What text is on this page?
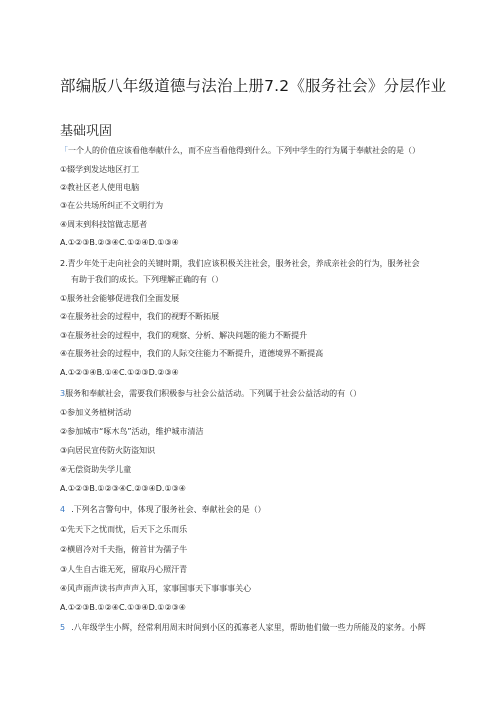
部编版八年级道德与法治上册7.2《服务社会》分层作业
基础巩固
「一个人的价值应该看他奉献什么，而不应当看他得到什么。下列中学生的行为属于奉献社会的是（）
①辍学到发达地区打工
②教社区老人使用电脑
③在公共场所纠正不文明行为
④周末到科技馆做志愿者
A.①②③B.②③④C.①②④D.①③④
2.青少年处于走向社会的关键时期，我们应该积极关注社会，服务社会，养成亲社会的行为，服务社会
有助于我们的成长。下列理解正确的有（）
①服务社会能够促进我们全面发展
②在服务社会的过程中，我们的视野不断拓展
③在服务社会的过程中，我们的观察、分析、解决问题的能力不断提升
④在服务社会的过程中，我们的人际交往能力不断提升，道德境界不断提高
A.①②③④B.①④C.①②③D.②③④
3服务和奉献社会，需要我们积极参与社会公益活动。下列属于社会公益活动的有（）
①参加义务植树活动
②参加城市“啄木鸟”活动，维护城市清洁
③向居民宣传防火防盗知识
④无偿资助失学儿童
A.①②③B.①②③④C.②③④D.①③④
4 .下列名言警句中，体现了服务社会、奉献社会的是（）
①先天下之忧而忧，后天下之乐而乐
②横眉冷对千夫指，俯首甘为孺子牛
③人生自古谁无死，留取丹心照汗青
④风声雨声读书声声声入耳，家事国事天下事事事关心
A.①②③B.①②④C.①③④D.①②③④
5 .八年级学生小辉，经常利用周末时间到小区的孤寡老人家里，帮助他们做一些力所能及的家务。小辉
